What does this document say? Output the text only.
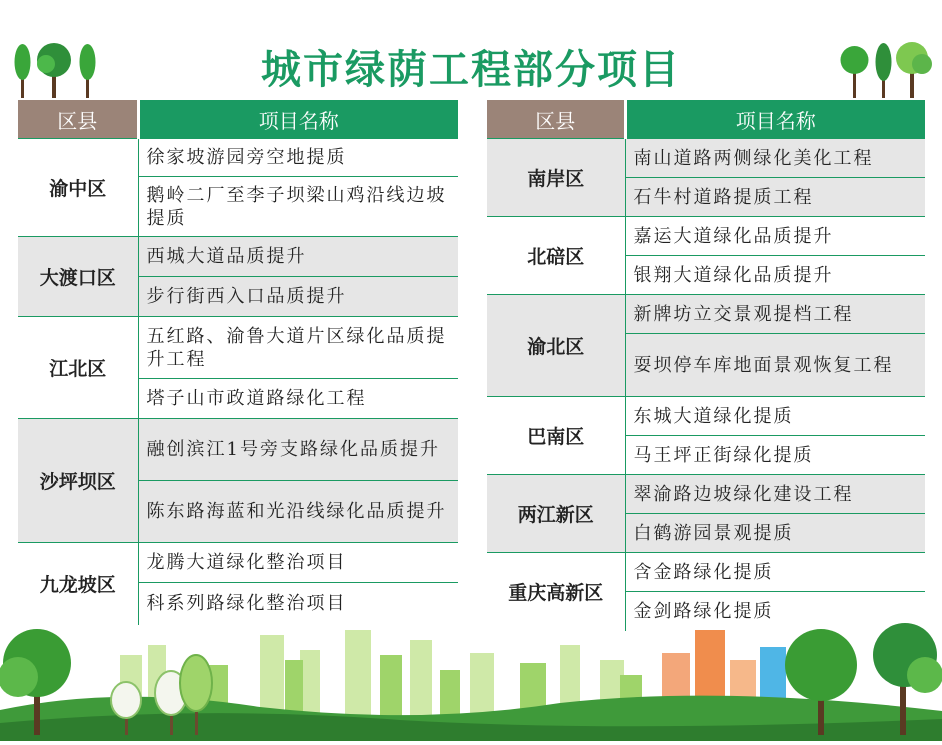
城市绿荫工程部分项目
区县	项目名称
渝中区	徐家坡游园旁空地提质
	鹅岭二厂至李子坝梁山鸡沿线边坡提质
大渡口区	西城大道品质提升
	步行街西入口品质提升
江北区	五红路、渝鲁大道片区绿化品质提升工程
	塔子山市政道路绿化工程
沙坪坝区	融创滨江1号旁支路绿化品质提升
	陈东路海蓝和光沿线绿化品质提升
九龙坡区	龙腾大道绿化整治项目
	科系列路绿化整治项目
区县	项目名称
南岸区	南山道路两侧绿化美化工程
	石牛村道路提质工程
北碚区	嘉运大道绿化品质提升
	银翔大道绿化品质提升
渝北区	新牌坊立交景观提档工程
	耍坝停车库地面景观恢复工程
巴南区	东城大道绿化提质
	马王坪正街绿化提质
两江新区	翠渝路边坡绿化建设工程
	白鹤游园景观提质
重庆高新区	含金路绿化提质
	金剑路绿化提质
